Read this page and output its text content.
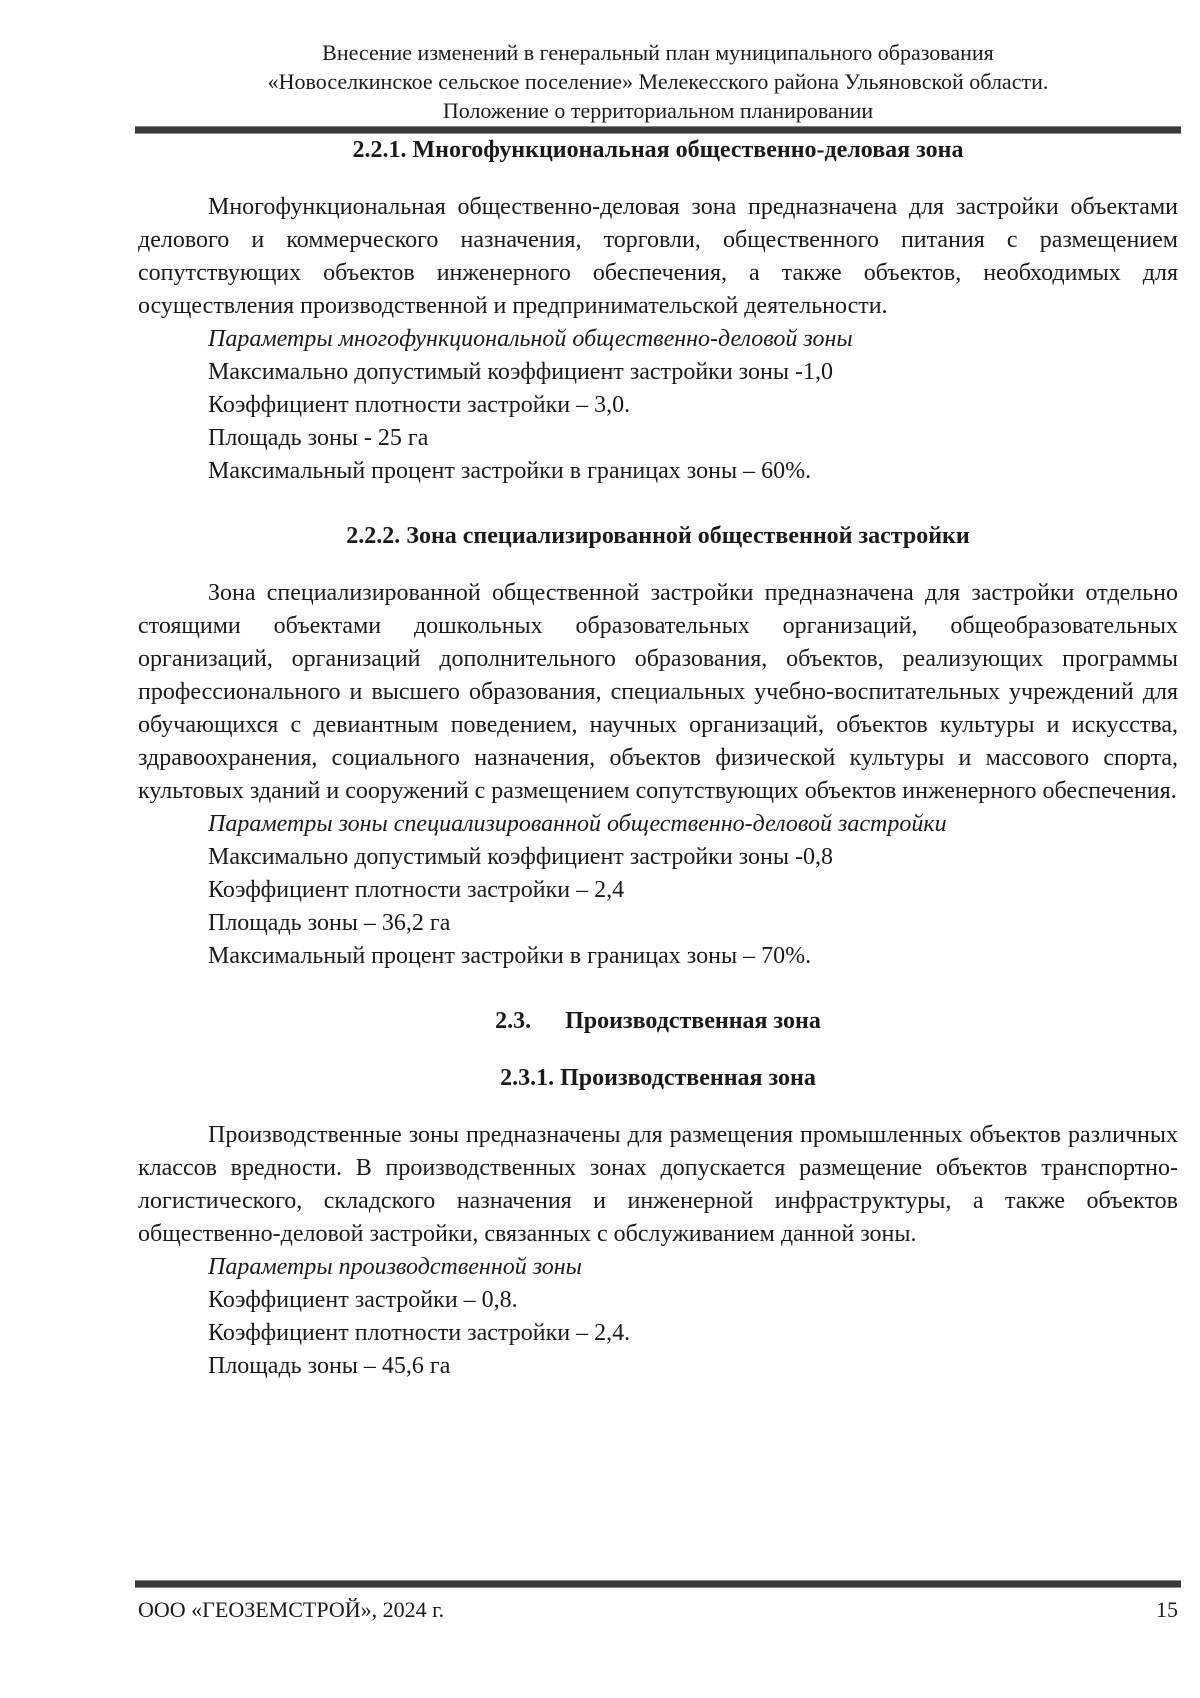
Внесение изменений в генеральный план муниципального образования
«Новоселкинское сельское поселение» Мелекесского района Ульяновской области.
Положение о территориальном планировании
2.2.1. Многофункциональная общественно-деловая зона

Многофункциональная общественно-деловая зона предназначена для застройки объектами делового и коммерческого назначения, торговли, общественного питания с размещением сопутствующих объектов инженерного обеспечения, а также объектов, необходимых для осуществления производственной и предпринимательской деятельности.

Параметры многофункциональной общественно-деловой зоны

Максимально допустимый коэффициент застройки зоны -1,0

Коэффициент плотности застройки – 3,0.

Площадь зоны - 25 га

Максимальный процент застройки в границах зоны – 60%.

2.2.2. Зона специализированной общественной застройки

Зона специализированной общественной застройки предназначена для застройки отдельно стоящими объектами дошкольных образовательных организаций, общеобразовательных организаций, организаций дополнительного образования, объектов, реализующих программы профессионального и высшего образования, специальных учебно-воспитательных учреждений для обучающихся с девиантным поведением, научных организаций, объектов культуры и искусства, здравоохранения, социального назначения, объектов физической культуры и массового спорта, культовых зданий и сооружений с размещением сопутствующих объектов инженерного обеспечения.

Параметры зоны специализированной общественно-деловой застройки

Максимально допустимый коэффициент застройки зоны -0,8

Коэффициент плотности застройки – 2,4

Площадь зоны – 36,2 га

Максимальный процент застройки в границах зоны – 70%.

2.3. Производственная зона
2.3.1. Производственная зона

Производственные зоны предназначены для размещения промышленных объектов различных классов вредности. В производственных зонах допускается размещение объектов транспортно-логистического, складского назначения и инженерной инфраструктуры, а также объектов общественно-деловой застройки, связанных с обслуживанием данной зоны.

Параметры производственной зоны

Коэффициент застройки – 0,8.

Коэффициент плотности застройки – 2,4.

Площадь зоны – 45,6 га

ООО «ГЕОЗЕМСТРОЙ», 2024 г.	15
